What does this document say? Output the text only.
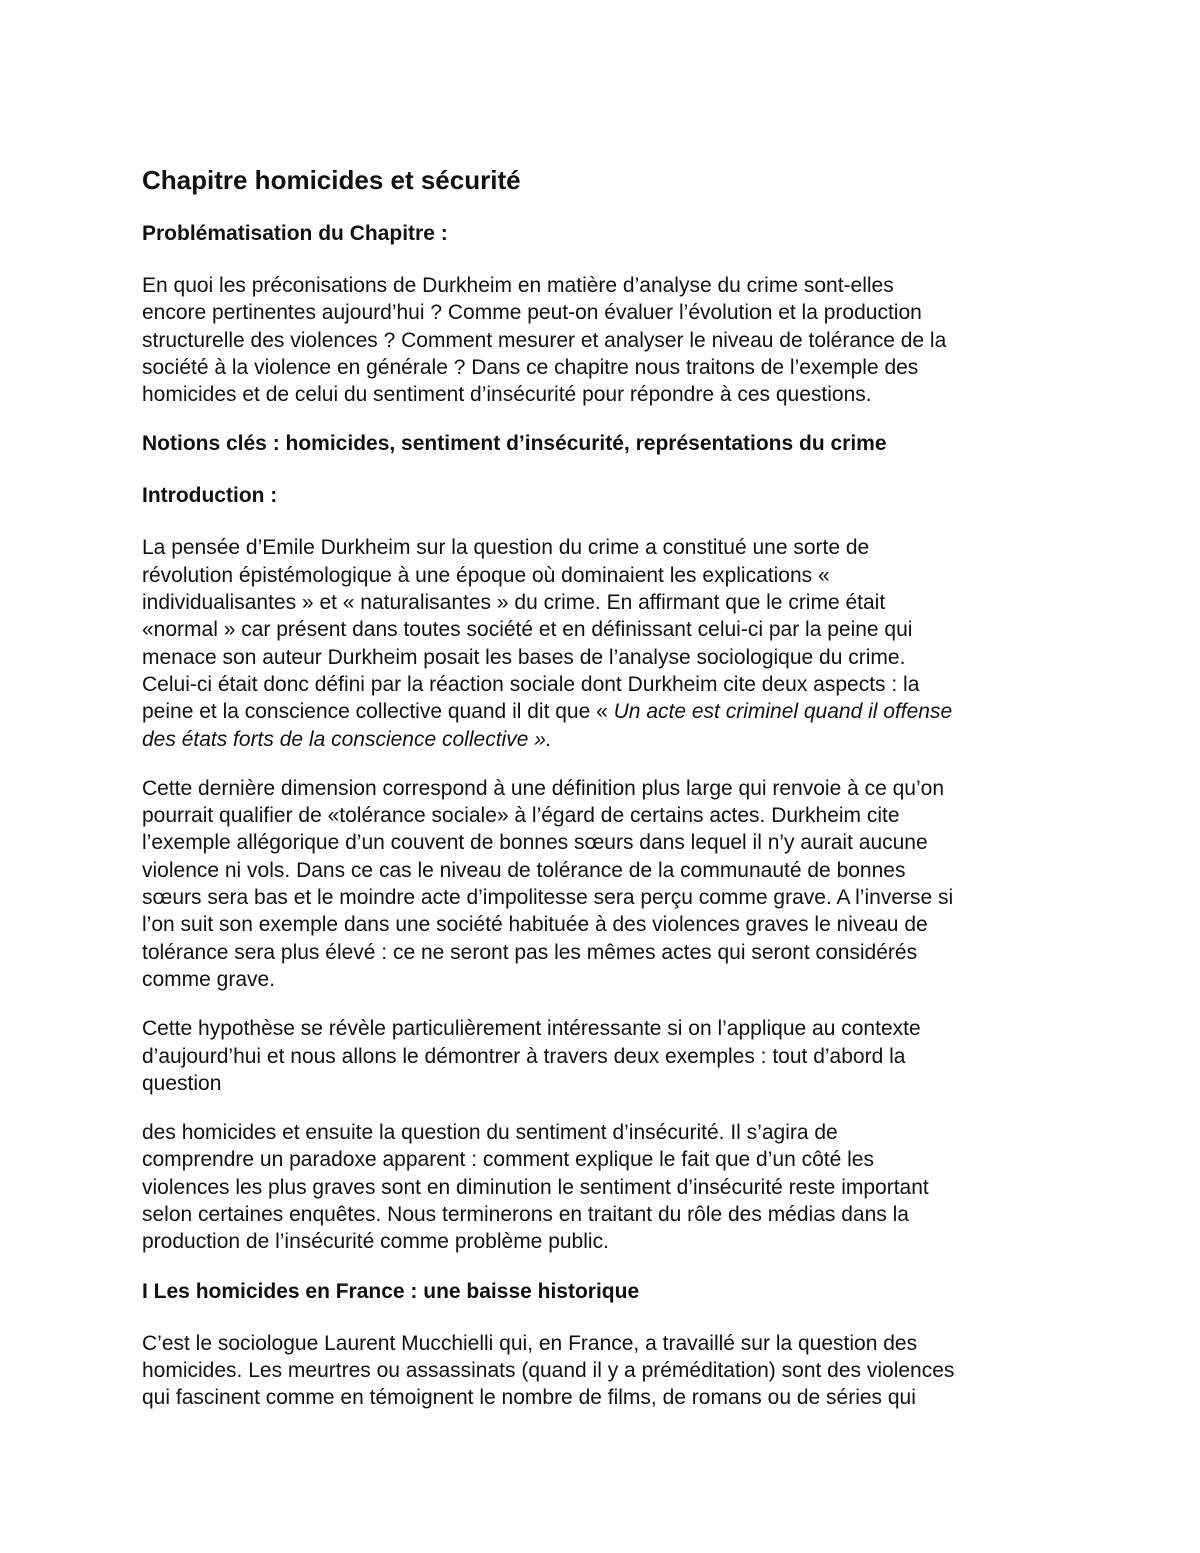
Chapitre homicides et sécurité
Problématisation du Chapitre :

En quoi les préconisations de Durkheim en matière d’analyse du crime sont-elles
encore pertinentes aujourd’hui ? Comme peut-on évaluer l’évolution et la production
structurelle des violences ? Comment mesurer et analyser le niveau de tolérance de la
société à la violence en générale ? Dans ce chapitre nous traitons de l’exemple des
homicides et de celui du sentiment d’insécurité pour répondre à ces questions.

Notions clés : homicides, sentiment d’insécurité, représentations du crime
Introduction :

La pensée d’Emile Durkheim sur la question du crime a constitué une sorte de
révolution épistémologique à une époque où dominaient les explications «
individualisantes » et « naturalisantes » du crime. En affirmant que le crime était
«normal » car présent dans toutes société et en définissant celui-ci par la peine qui
menace son auteur Durkheim posait les bases de l’analyse sociologique du crime.
Celui-ci était donc défini par la réaction sociale dont Durkheim cite deux aspects : la
peine et la conscience collective quand il dit que « Un acte est criminel quand il offense
des états forts de la conscience collective ».

Cette dernière dimension correspond à une définition plus large qui renvoie à ce qu’on
pourrait qualifier de «tolérance sociale» à l’égard de certains actes. Durkheim cite
l’exemple allégorique d’un couvent de bonnes sœurs dans lequel il n’y aurait aucune
violence ni vols. Dans ce cas le niveau de tolérance de la communauté de bonnes
sœurs sera bas et le moindre acte d’impolitesse sera perçu comme grave. A l’inverse si
l’on suit son exemple dans une société habituée à des violences graves le niveau de
tolérance sera plus élevé : ce ne seront pas les mêmes actes qui seront considérés
comme grave.

Cette hypothèse se révèle particulièrement intéressante si on l’applique au contexte
d’aujourd’hui et nous allons le démontrer à travers deux exemples : tout d’abord la
question

des homicides et ensuite la question du sentiment d’insécurité. Il s’agira de
comprendre un paradoxe apparent : comment explique le fait que d’un côté les
violences les plus graves sont en diminution le sentiment d’insécurité reste important
selon certaines enquêtes. Nous terminerons en traitant du rôle des médias dans la
production de l’insécurité comme problème public.

I Les homicides en France : une baisse historique

C’est le sociologue Laurent Mucchielli qui, en France, a travaillé sur la question des
homicides. Les meurtres ou assassinats (quand il y a préméditation) sont des violences
qui fascinent comme en témoignent le nombre de films, de romans ou de séries qui
